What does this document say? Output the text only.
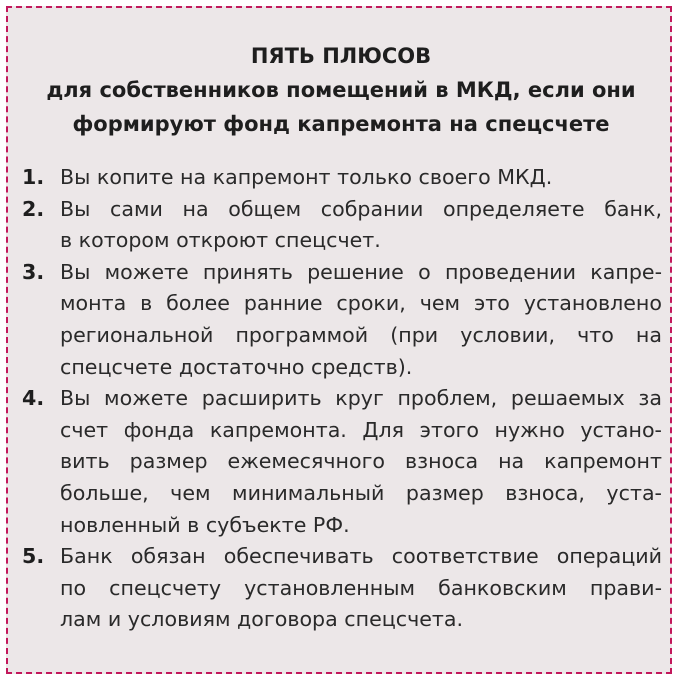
ПЯТЬ ПЛЮСОВ
для собственников помещений в МКД, если они
формируют фонд капремонта на спецсчете
1. Вы копите на капремонт только своего МКД.
2. Вы сами на общем собрании определяете банк,
в котором откроют спецсчет.
3. Вы можете принять решение о проведении капре-
монта в более ранние сроки, чем это установлено
региональной программой (при условии, что на
спецсчете достаточно средств).
4. Вы можете расширить круг проблем, решаемых за
счет фонда капремонта. Для этого нужно устано-
вить размер ежемесячного взноса на капремонт
больше, чем минимальный размер взноса, уста-
новленный в субъекте РФ.
5. Банк обязан обеспечивать соответствие операций
по спецсчету установленным банковским прави-
лам и условиям договора спецсчета.
